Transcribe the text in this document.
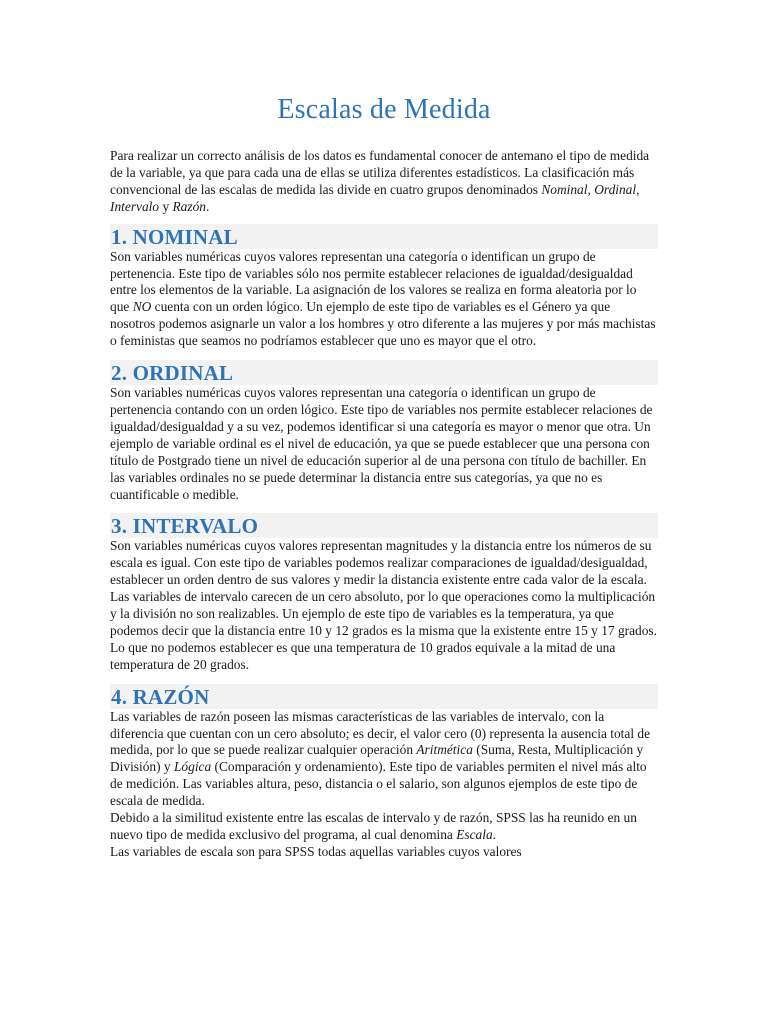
Escalas de Medida

Para realizar un correcto análisis de los datos es fundamental conocer de antemano el tipo de medida de la variable, ya que para cada una de ellas se utiliza diferentes estadísticos. La clasificación más convencional de las escalas de medida las divide en cuatro grupos denominados Nominal, Ordinal, Intervalo y Razón.

1. NOMINAL

Son variables numéricas cuyos valores representan una categoría o identifican un grupo de pertenencia. Este tipo de variables sólo nos permite establecer relaciones de igualdad/desigualdad entre los elementos de la variable. La asignación de los valores se realiza en forma aleatoria por lo que NO cuenta con un orden lógico. Un ejemplo de este tipo de variables es el Género ya que nosotros podemos asignarle un valor a los hombres y otro diferente a las mujeres y por más machistas o feministas que seamos no podríamos establecer que uno es mayor que el otro.

2. ORDINAL

Son variables numéricas cuyos valores representan una categoría o identifican un grupo de pertenencia contando con un orden lógico. Este tipo de variables nos permite establecer relaciones de igualdad/desigualdad y a su vez, podemos identificar si una categoría es mayor o menor que otra. Un ejemplo de variable ordinal es el nivel de educación, ya que se puede establecer que una persona con título de Postgrado tiene un nivel de educación superior al de una persona con título de bachiller. En las variables ordinales no se puede determinar la distancia entre sus categorías, ya que no es cuantificable o medible.

3. INTERVALO

Son variables numéricas cuyos valores representan magnitudes y la distancia entre los números de su escala es igual. Con este tipo de variables podemos realizar comparaciones de igualdad/desigualdad, establecer un orden dentro de sus valores y medir la distancia existente entre cada valor de la escala. Las variables de intervalo carecen de un cero absoluto, por lo que operaciones como la multiplicación y la división no son realizables. Un ejemplo de este tipo de variables es la temperatura, ya que podemos decir que la distancia entre 10 y 12 grados es la misma que la existente entre 15 y 17 grados. Lo que no podemos establecer es que una temperatura de 10 grados equivale a la mitad de una temperatura de 20 grados.

4. RAZÓN

Las variables de razón poseen las mismas características de las variables de intervalo, con la diferencia que cuentan con un cero absoluto; es decir, el valor cero (0) representa la ausencia total de medida, por lo que se puede realizar cualquier operación Aritmética (Suma, Resta, Multiplicación y División) y Lógica (Comparación y ordenamiento). Este tipo de variables permiten el nivel más alto de medición. Las variables altura, peso, distancia o el salario, son algunos ejemplos de este tipo de escala de medida.

Debido a la similitud existente entre las escalas de intervalo y de razón, SPSS las ha reunido en un nuevo tipo de medida exclusivo del programa, al cual denomina Escala.

Las variables de escala son para SPSS todas aquellas variables cuyos valores
